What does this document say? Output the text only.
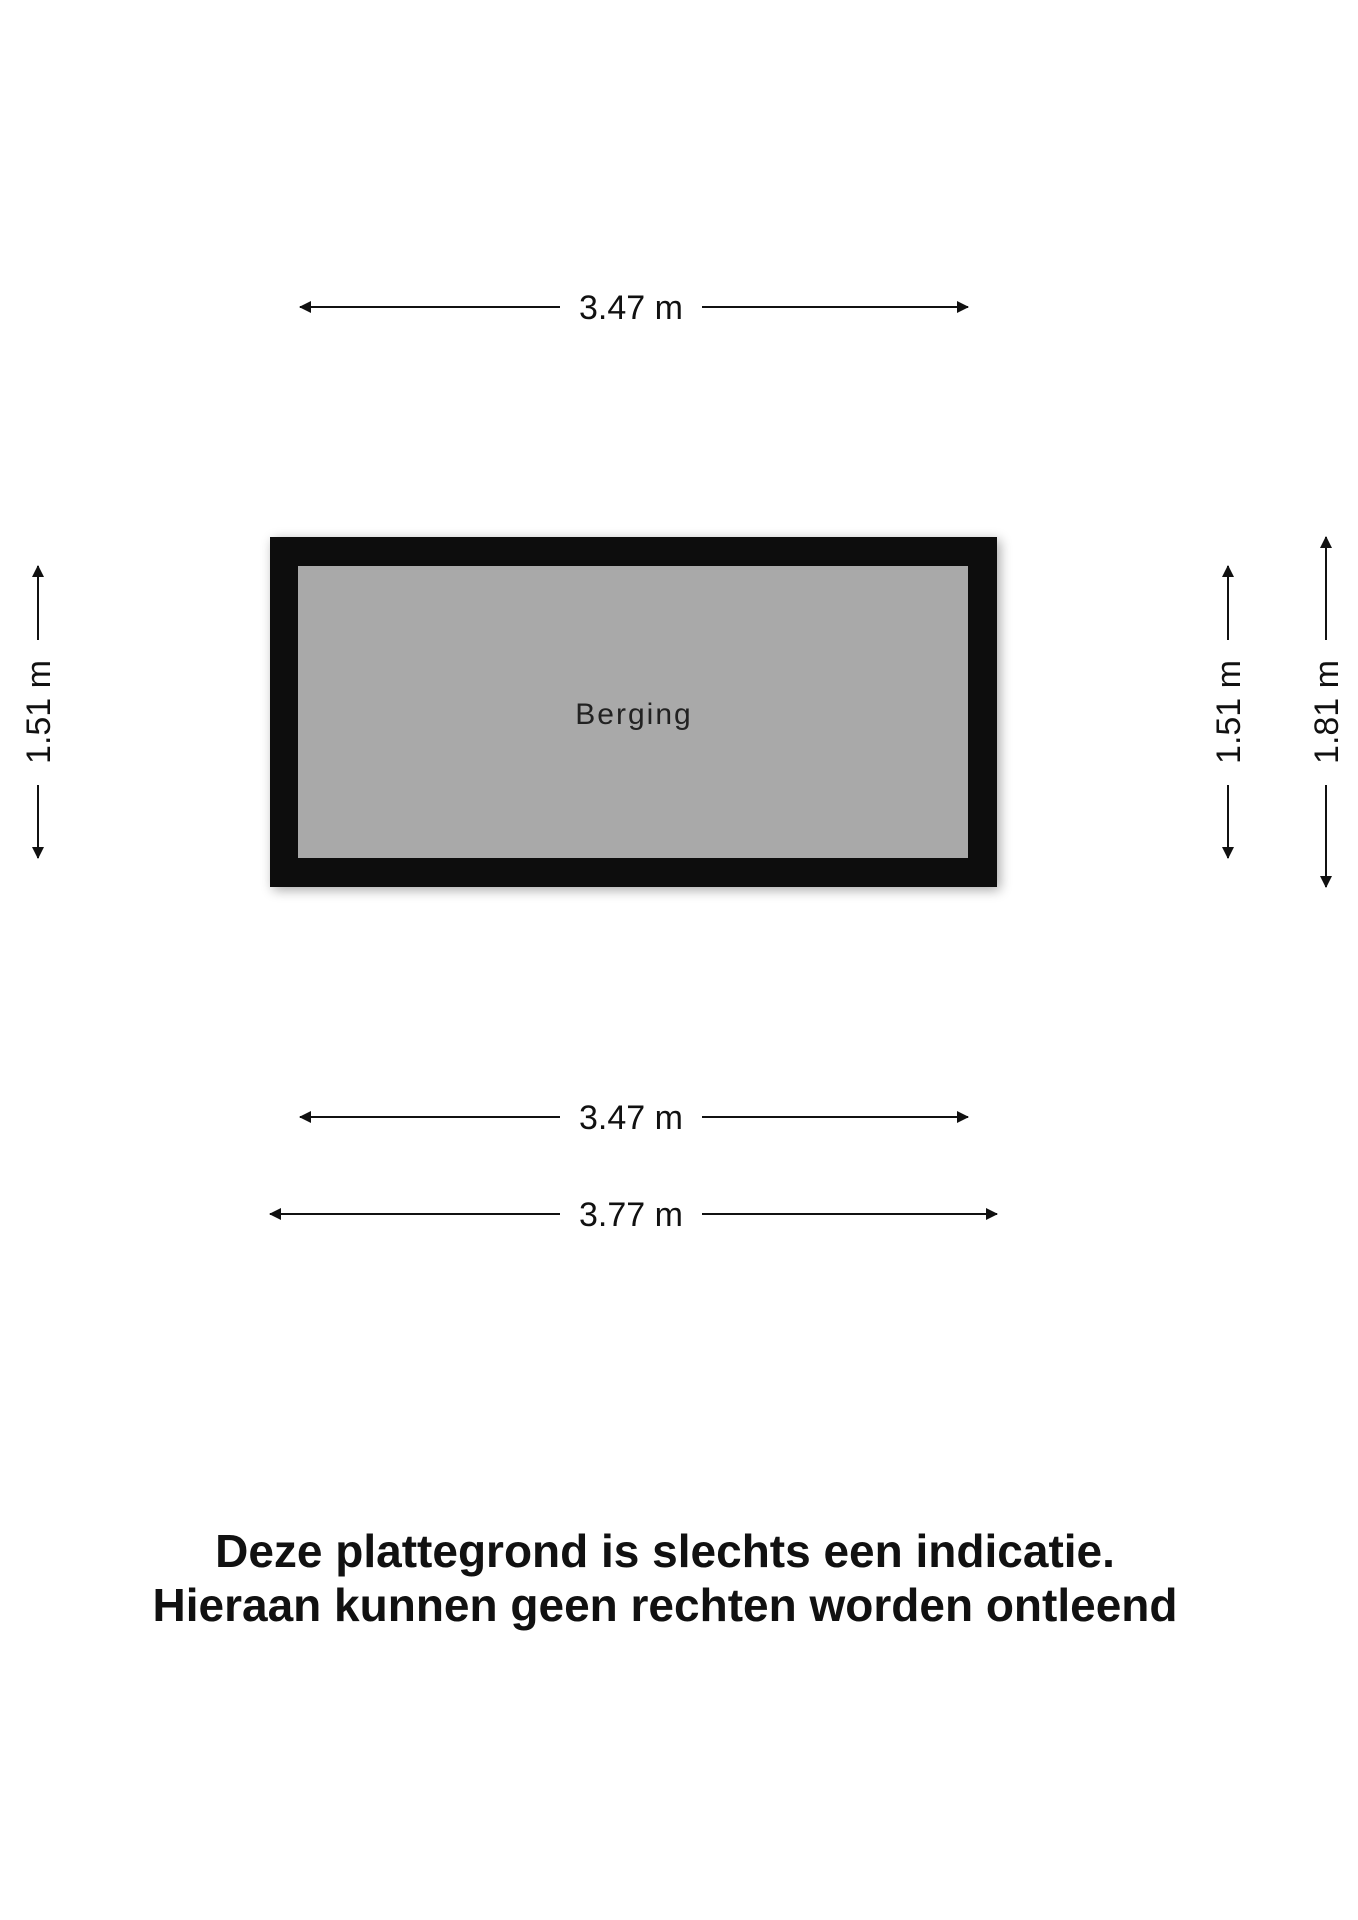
3.47 m
Berging
1.51 m	1.51 m 1.81 m
3.47 m
3.77 m
Deze plattegrond is slechts een indicatie.
Hieraan kunnen geen rechten worden ontleend
